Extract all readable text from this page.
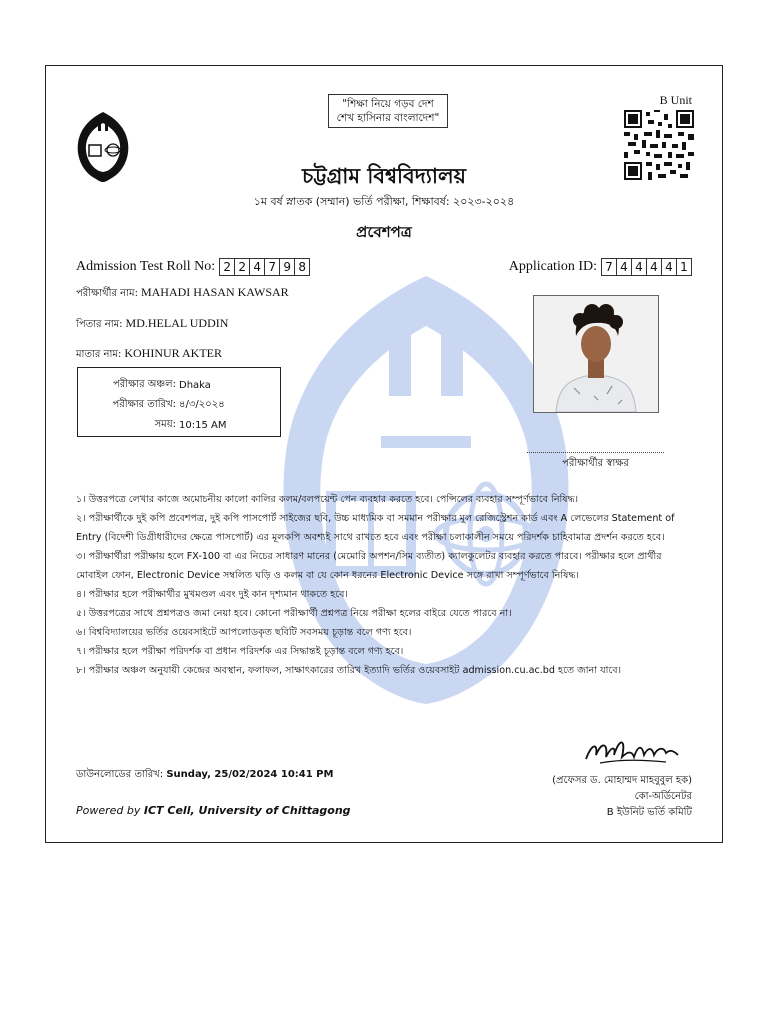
"শিক্ষা নিয়ে গড়ব দেশ
শেখ হাসিনার বাংলাদেশ"
B Unit
চট্টগ্রাম বিশ্ববিদ্যালয়
১ম বর্ষ স্নাতক (সম্মান) ভর্তি পরীক্ষা, শিক্ষাবর্ষ: ২০২৩-২০২৪
প্রবেশপত্র
Admission Test Roll No: 2 2 4 7 9 8	Application ID: 7 4 4 4 4 1
পরীক্ষার্থীর নাম: MAHADI HASAN KAWSAR
পিতার নাম: MD.HELAL UDDIN
মাতার নাম: KOHINUR AKTER
পরীক্ষার অঞ্চল: Dhaka
পরীক্ষার তারিখ: ৪/৩/২০২৪
সময়: 10:15 AM
পরীক্ষার্থীর স্বাক্ষর

১। উত্তরপত্রে লেখার কাজে অমোচনীয় কালো কালির কলম/বলপয়েন্ট পেন ব্যবহার করতে হবে। পেন্সিলের ব্যবহার সম্পূর্ণভাবে নিষিদ্ধ।

২। পরীক্ষার্থীকে দুই কপি প্রবেশপত্র, দুই কপি পাসপোর্ট সাইজের ছবি, উচ্চ মাধ্যমিক বা সমমান পরীক্ষার মূল রেজিস্ট্রেশন কার্ড এবং A লেভেলের Statement of Entry (বিদেশী ডিগ্রীধারীদের ক্ষেত্রে পাসপোর্ট) এর মূলকপি অবশ্যই সাথে রাখতে হবে এবং পরীক্ষা চলাকালীন সময়ে পরিদর্শক চাহিবামাত্র প্রদর্শন করতে হবে।

৩। পরীক্ষার্থীরা পরীক্ষায় হলে FX-100 বা এর নিচের সাধারণ মানের (মেমোরি অপশন/সিম ব্যতীত) ক্যালকুলেটর ব্যবহার করতে পারবে। পরীক্ষার হলে প্রার্থীর মোবাইল ফোন, Electronic Device সম্বলিত ঘড়ি ও কলম বা যে কোন ধরনের Electronic Device সঙ্গে রাখা সম্পূর্ণভাবে নিষিদ্ধ।

৪। পরীক্ষার হলে পরীক্ষার্থীর মুখমণ্ডল এবং দুই কান দৃশ্যমান থাকতে হবে।

৫। উত্তরপত্রের সাথে প্রশ্নপত্রও জমা নেয়া হবে। কোনো পরীক্ষার্থী প্রশ্নপত্র নিয়ে পরীক্ষা হলের বাইরে যেতে পারবে না।

৬। বিশ্ববিদ্যালয়ের ভর্তির ওয়েবসাইটে আপলোডকৃত ছবিটি সবসময় চূড়ান্ত বলে গণ্য হবে।

৭। পরীক্ষার হলে পরীক্ষা পরিদর্শক বা প্রধান পরিদর্শক এর সিদ্ধান্তই চূড়ান্ত বলে গণ্য হবে।

৮। পরীক্ষার অঞ্চল অনুযায়ী কেন্দ্রের অবস্থান, ফলাফল, সাক্ষাৎকারের তারিখ ইত্যাদি ভর্তির ওয়েবসাইট admission.cu.ac.bd হতে জানা যাবে।

ডাউনলোডের তারিখ: Sunday, 25/02/2024 10:41 PM
(প্রফেসর ড. মোহাম্মদ মাহবুবুল হক)
কো-অর্ডিনেটর
B ইউনিট ভর্তি কমিটি
Powered by ICT Cell, University of Chittagong
